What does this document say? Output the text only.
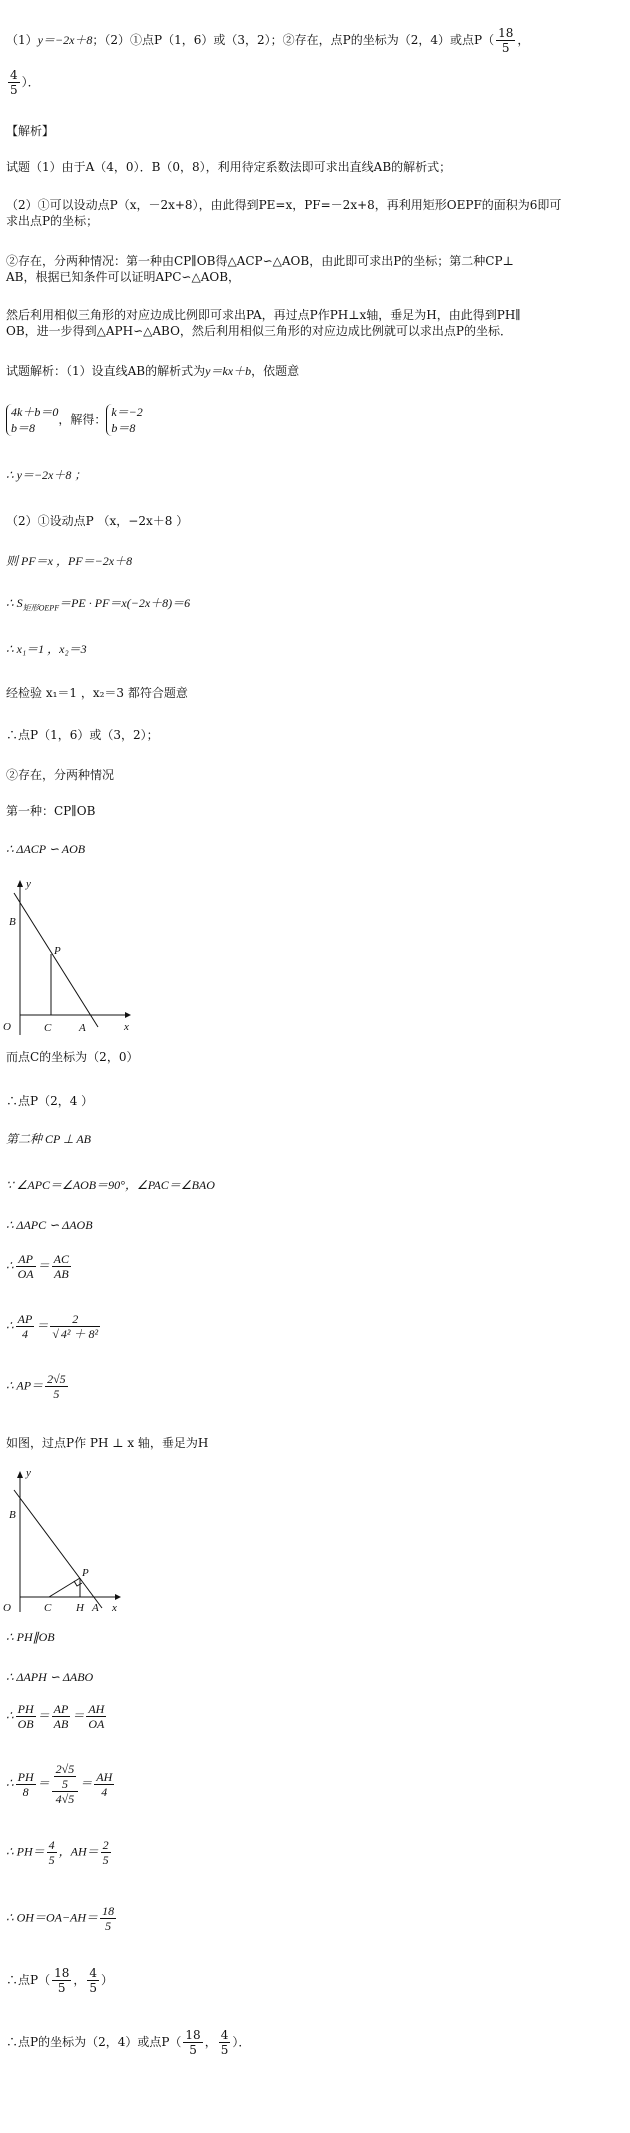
（1）y＝−2x＋8；（2）①点P（1，6）或（3，2）；②存在，点P的坐标为（2，4）或点$P( \frac{18}{5}$ ，
$\frac{4}{5}$ ）．
【解析】
试题（1）由于A（4，0）．B（0，8），利用待定系数法即可求出直线AB的解析式；
（2）①可以设动点P（x，－2x+8），由此得到PE=x，PF=－2x+8，再利用矩形OEPF的面积为6即可
求出点P的坐标；
②存在，分两种情况：第一种由CP∥OB得△ACP∽△AOB，由此即可求出P的坐标；第二种CP⊥
AB，根据已知条件可以证明APC∽△AOB，
然后利用相似三角形的对应边成比例即可求出PA，再过点P作PH⊥x轴，垂足为H，由此得到PH∥
OB，进一步得到△APH∽△ABO，然后利用相似三角形的对应边成比例就可以求出点P的坐标．
试题解析：（1）设直线AB的解析式为y＝kx＋b，依题意
4k＋b＝0
b＝8
，解得：
k＝−2
b＝8
∴ y＝−2x＋8 ；
（2）①设动点P （x，−2x＋8 ）
则 PF＝x ，PF＝−2x＋8
∴ $S_{矩形OEPF}=PE \cdot PF=x(-2x+8)=6$
∴ x₁＝1 ，x₂＝3
经检验 x₁＝1 ，x₂＝3 都符合题意
∴点P（1，6）或（3，2）；
②存在，分两种情况
第一种：CP∥OB
∴ ΔACP ∽ AOB
y
B
P
O	C	A	x
而点C的坐标为（2，0）
∴点P（2，4 ）
第二种 CP ⊥ AB
∵ ∠APC＝∠AOB＝90°，∠PAC＝∠BAO
∴ ΔAPC ∽ ΔAOB
∴ $\frac{AP}{OA} = \frac{AC}{AB}$
∴ $\frac{AP}{4} = \frac{2}{\text{√ 4² ＋ 8²}}$
∴ $AP= \frac{2√5}{5}$
如图，过点P作 PH ⊥ x 轴，垂足为H
y
B
P
O	C H A x
∴ PH∥OB
∴ ΔAPH ∽ ΔABO
∴ $\frac{PH}{OB} = \frac{AP}{AB} = \frac{AH}{OA}$
∴ $\frac{PH}{8} = \frac{\frac{2√5}{5}}{4√5} = \frac{AH}{4}$
∴ $PH= \frac{4}{5}$ ，$AH= \frac{2}{5}$
∴ $OH=OA-AH= \frac{18}{5}$
∴点$P( \frac{18}{5}$ ， $\frac{4}{5}$ ）
∴点P的坐标为（2，4）或点$P( \frac{18}{5}$ ， $\frac{4}{5}$ ）．
